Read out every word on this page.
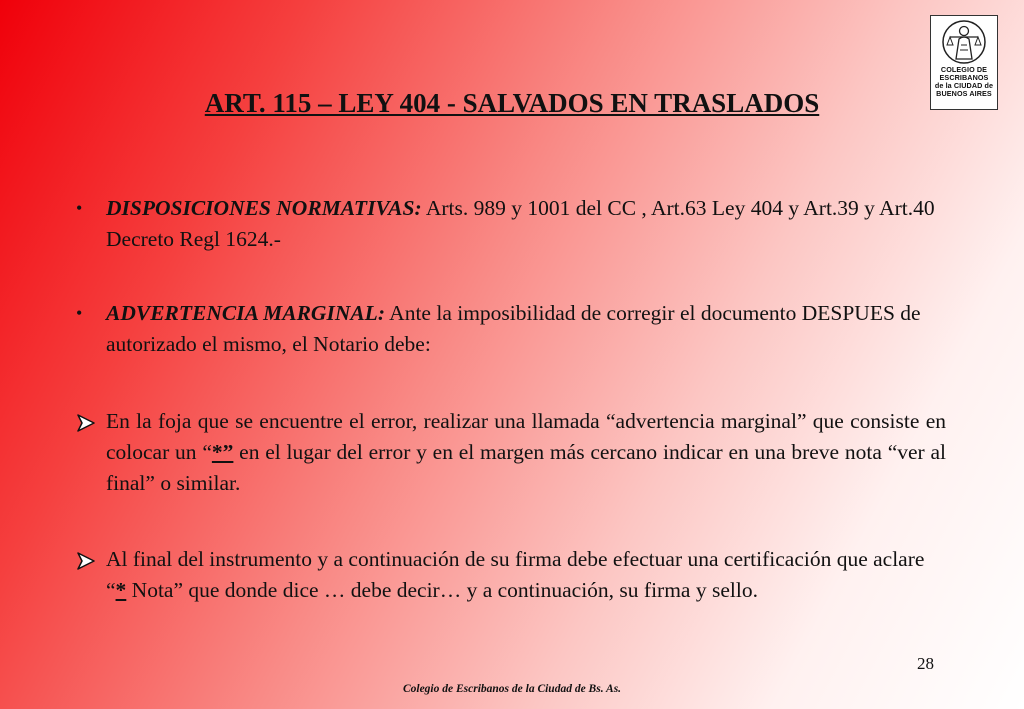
COLEGIO DE
ESCRIBANOS
de la CIUDAD de
BUENOS AIRES
ART. 115 – LEY 404 - SALVADOS EN TRASLADOS
•	DISPOSICIONES NORMATIVAS: Arts. 989 y 1001 del CC , Art.63 Ley 404 y Art.39 y Art.40 Decreto Regl 1624.-
•	ADVERTENCIA MARGINAL: Ante la imposibilidad de corregir el documento DESPUES de autorizado el mismo, el Notario debe:
En la foja que se encuentre el error, realizar una llamada “advertencia marginal” que consiste en colocar un “*” en el lugar del error y en el margen más cercano indicar en una breve nota “ver al final” o similar.
Al final del instrumento y a continuación de su firma debe efectuar una certificación que aclare “* Nota” que donde dice … debe decir… y a continuación, su firma y sello.
28
Colegio de Escribanos de la Ciudad de Bs. As.
